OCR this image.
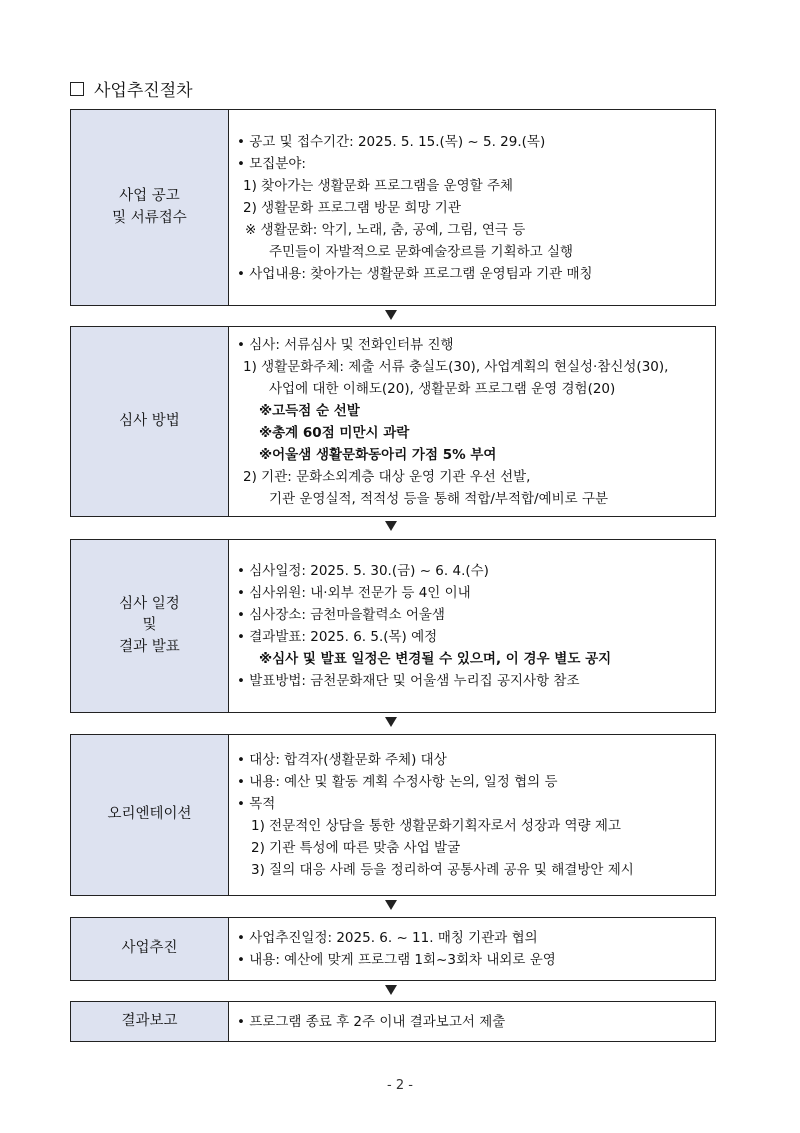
사업추진절차
사업 공고
및 서류접수
• 공고 및 접수기간: 2025. 5. 15.(목) ~ 5. 29.(목)
• 모집분야:
1) 찾아가는 생활문화 프로그램을 운영할 주체
2) 생활문화 프로그램 방문 희망 기관
※ 생활문화: 악기, 노래, 춤, 공예, 그림, 연극 등
주민들이 자발적으로 문화예술장르를 기획하고 실행
• 사업내용: 찾아가는 생활문화 프로그램 운영팀과 기관 매칭
심사 방법
• 심사: 서류심사 및 전화인터뷰 진행
1) 생활문화주체: 제출 서류 충실도(30), 사업계획의 현실성·참신성(30),
사업에 대한 이해도(20), 생활문화 프로그램 운영 경험(20)
※고득점 순 선발
※총계 60점 미만시 과락
※어울샘 생활문화동아리 가점 5% 부여
2) 기관: 문화소외계층 대상 운영 기관 우선 선발,
기관 운영실적, 적적성 등을 통해 적합/부적합/예비로 구분
심사 일정
및
결과 발표
• 심사일정: 2025. 5. 30.(금) ~ 6. 4.(수)
• 심사위원: 내·외부 전문가 등 4인 이내
• 심사장소: 금천마을활력소 어울샘
• 결과발표: 2025. 6. 5.(목) 예정
※심사 및 발표 일정은 변경될 수 있으며, 이 경우 별도 공지
• 발표방법: 금천문화재단 및 어울샘 누리집 공지사항 참조
오리엔테이션
• 대상: 합격자(생활문화 주체) 대상
• 내용: 예산 및 활동 계획 수정사항 논의, 일정 협의 등
• 목적
1) 전문적인 상담을 통한 생활문화기획자로서 성장과 역량 제고
2) 기관 특성에 따른 맞춤 사업 발굴
3) 질의 대응 사례 등을 정리하여 공통사례 공유 및 해결방안 제시
사업추진
• 사업추진일정: 2025. 6. ~ 11. 매칭 기관과 협의
• 내용: 예산에 맞게 프로그램 1회~3회차 내외로 운영
결과보고	• 프로그램 종료 후 2주 이내 결과보고서 제출
- 2 -
